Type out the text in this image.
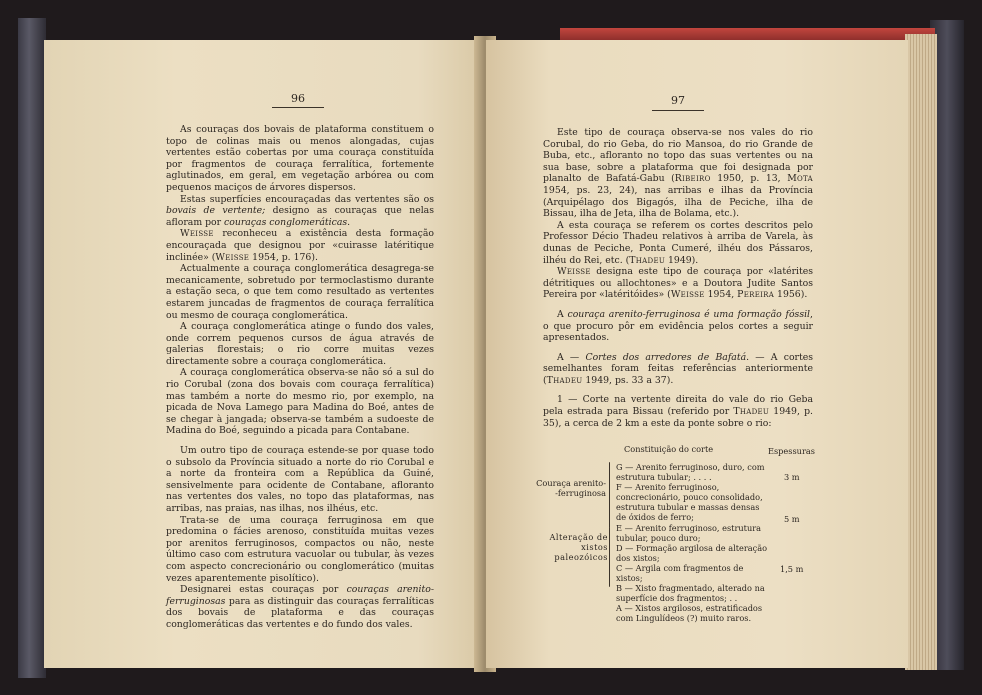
96

As couraças dos bovais de plataforma constituem o topo de colinas mais ou menos alongadas, cujas vertentes estão cobertas por uma couraça constituída por fragmentos de couraça ferralítica, fortemente aglutinados, em geral, em vegetação arbórea ou com pequenos maciços de árvores dispersos.

Estas superfícies encouraçadas das vertentes são os bovais de vertente; designo as couraças que nelas afloram por couraças conglomeráticas.

Weisse reconheceu a existência desta formação encouraçada que designou por «cuirasse latéritique inclinée» (Weisse 1954, p. 176).

Actualmente a couraça conglomerática desagrega-se mecanicamente, sobretudo por termoclastismo durante a estação seca, o que tem como resultado as vertentes estarem juncadas de fragmentos de couraça ferralítica ou mesmo de couraça conglomerática.

A couraça conglomerática atinge o fundo dos vales, onde correm pequenos cursos de água através de galerias florestais; o rio corre muitas vezes directamente sobre a couraça conglomerática.

A couraça conglomerática observa-se não só a sul do rio Corubal (zona dos bovais com couraça ferralítica) mas também a norte do mesmo rio, por exemplo, na picada de Nova Lamego para Madina do Boé, antes de se chegar à jangada; observa-se também a sudoeste de Madina do Boé, seguindo a picada para Contabane.

Um outro tipo de couraça estende-se por quase todo o subsolo da Província situado a norte do rio Corubal e a norte da fronteira com a República da Guiné, sensivelmente para ocidente de Contabane, afloranto nas vertentes dos vales, no topo das plataformas, nas arribas, nas praias, nas ilhas, nos ilhéus, etc.

Trata-se de uma couraça ferruginosa em que predomina o fácies arenoso, constituída muitas vezes por arenitos ferruginosos, compactos ou não, neste último caso com estrutura vacuolar ou tubular, às vezes com aspecto concrecionário ou conglomerático (muitas vezes aparentemente pisolítico).

Designarei estas couraças por couraças arenito-ferruginosas para as distinguir das couraças ferralíticas dos bovais de plataforma e das couraças conglomeráticas das vertentes e do fundo dos vales.

97

Este tipo de couraça observa-se nos vales do rio Corubal, do rio Geba, do rio Mansoa, do rio Grande de Buba, etc., afloranto no topo das suas vertentes ou na sua base, sobre a plataforma que foi designada por planalto de Bafatá-Gabu (Ribeiro 1950, p. 13, Mota 1954, ps. 23, 24), nas arribas e ilhas da Província (Arquipélago dos Bigagós, ilha de Peciche, ilha de Bissau, ilha de Jeta, ilha de Bolama, etc.).

A esta couraça se referem os cortes descritos pelo Professor Décio Thadeu relativos à arriba de Varela, às dunas de Peciche, Ponta Cumeré, ilhéu dos Pássaros, ilhéu do Rei, etc. (Thadeu 1949).

Weisse designa este tipo de couraça por «latérites détritiques ou allochtones» e a Doutora Judite Santos Pereira por «latéritóides» (Weisse 1954, Pereira 1956).

A couraça arenito-ferruginosa é uma formação fóssil, o que procuro pôr em evidência pelos cortes a seguir apresentados.

A — Cortes dos arredores de Bafatá. — A cortes semelhantes foram feitas referências anteriormente (Thadeu 1949, ps. 33 a 37).

1 — Corte na vertente direita do vale do rio Geba pela estrada para Bissau (referido por Thadeu 1949, p. 35), a cerca de 2 km a este da ponte sobre o rio:

Constituição do corte	Espessuras
Couraça arenito--ferruginosa
Alteração de xistos paleozóicos
G — Arenito ferruginoso, duro, com estrutura tubular; . . . .
F — Arenito ferruginoso, concrecionário, pouco consolidado, estrutura tubular e massas densas de óxidos de ferro;
E — Arenito ferruginoso, estrutura tubular, pouco duro;
D — Formação argilosa de alteração dos xistos;
C — Argila com fragmentos de xistos;
B — Xisto fragmentado, alterado na superfície dos fragmentos; . .
A — Xistos argilosos, estratificados com Lingulídeos (?) muito raros.
3 m
5 m
1,5 m
